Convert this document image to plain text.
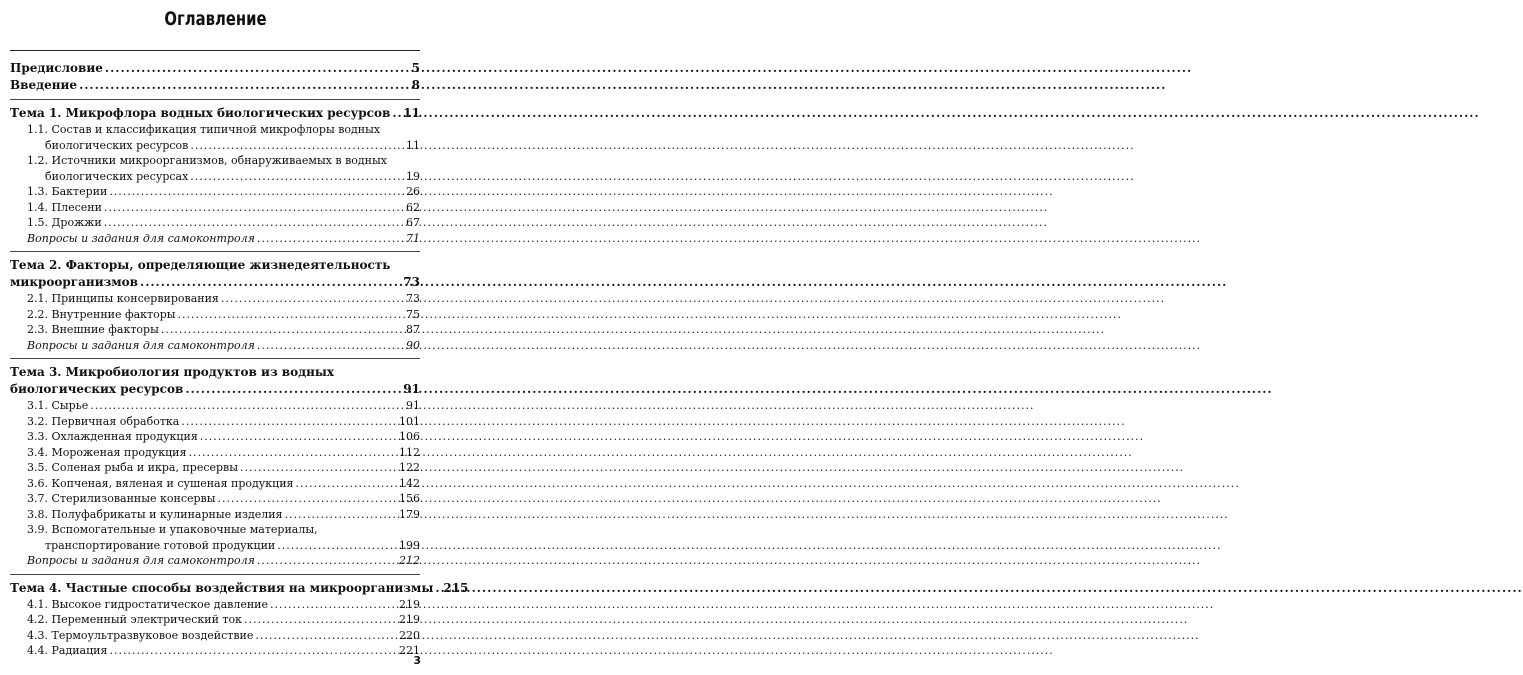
Оглавление
Предисловие .....	5
Введение .....	8
Тема 1. Микрофлора водных биологических ресурсов ..... 11
1.1. Состав и классификация типичной микрофлоры водных
биологических ресурсов .....	11
1.2. Источники микроорганизмов, обнаруживаемых в водных
биологических ресурсах .....	19
1.3. Бактерии .....	26
1.4. Плесени .....	62
1.5. Дрожжи .....	67
Вопросы и задания для самоконтроля .....	71
Тема 2. Факторы, определяющие жизнедеятельность
микроорганизмов .....	73
2.1. Принципы консервирования .....	73
2.2. Внутренние факторы .....	75
2.3. Внешние факторы .....	87
Вопросы и задания для самоконтроля .....	90
Тема 3. Микробиология продуктов из водных
биологических ресурсов .....	91
3.1. Сырье .....	91
3.2. Первичная обработка .....	101
3.3. Охлажденная продукция .....	106
3.4. Мороженая продукция .....	112
3.5. Соленая рыба и икра, пресервы .....	122
3.6. Копченая, вяленая и сушеная продукция .....	142
3.7. Стерилизованные консервы .....	156
3.8. Полуфабрикаты и кулинарные изделия .....	179
3.9. Вспомогательные и упаковочные материалы,
транспортирование готовой продукции .....	199
Вопросы и задания для самоконтроля .....	212
Тема 4. Частные способы воздействия на микроорганизмы ..... 215
4.1. Высокое гидростатическое давление .....	219
4.2. Переменный электрический ток .....	219
4.3. Термоультразвуковое воздействие .....	220
4.4. Радиация .....	221
3
